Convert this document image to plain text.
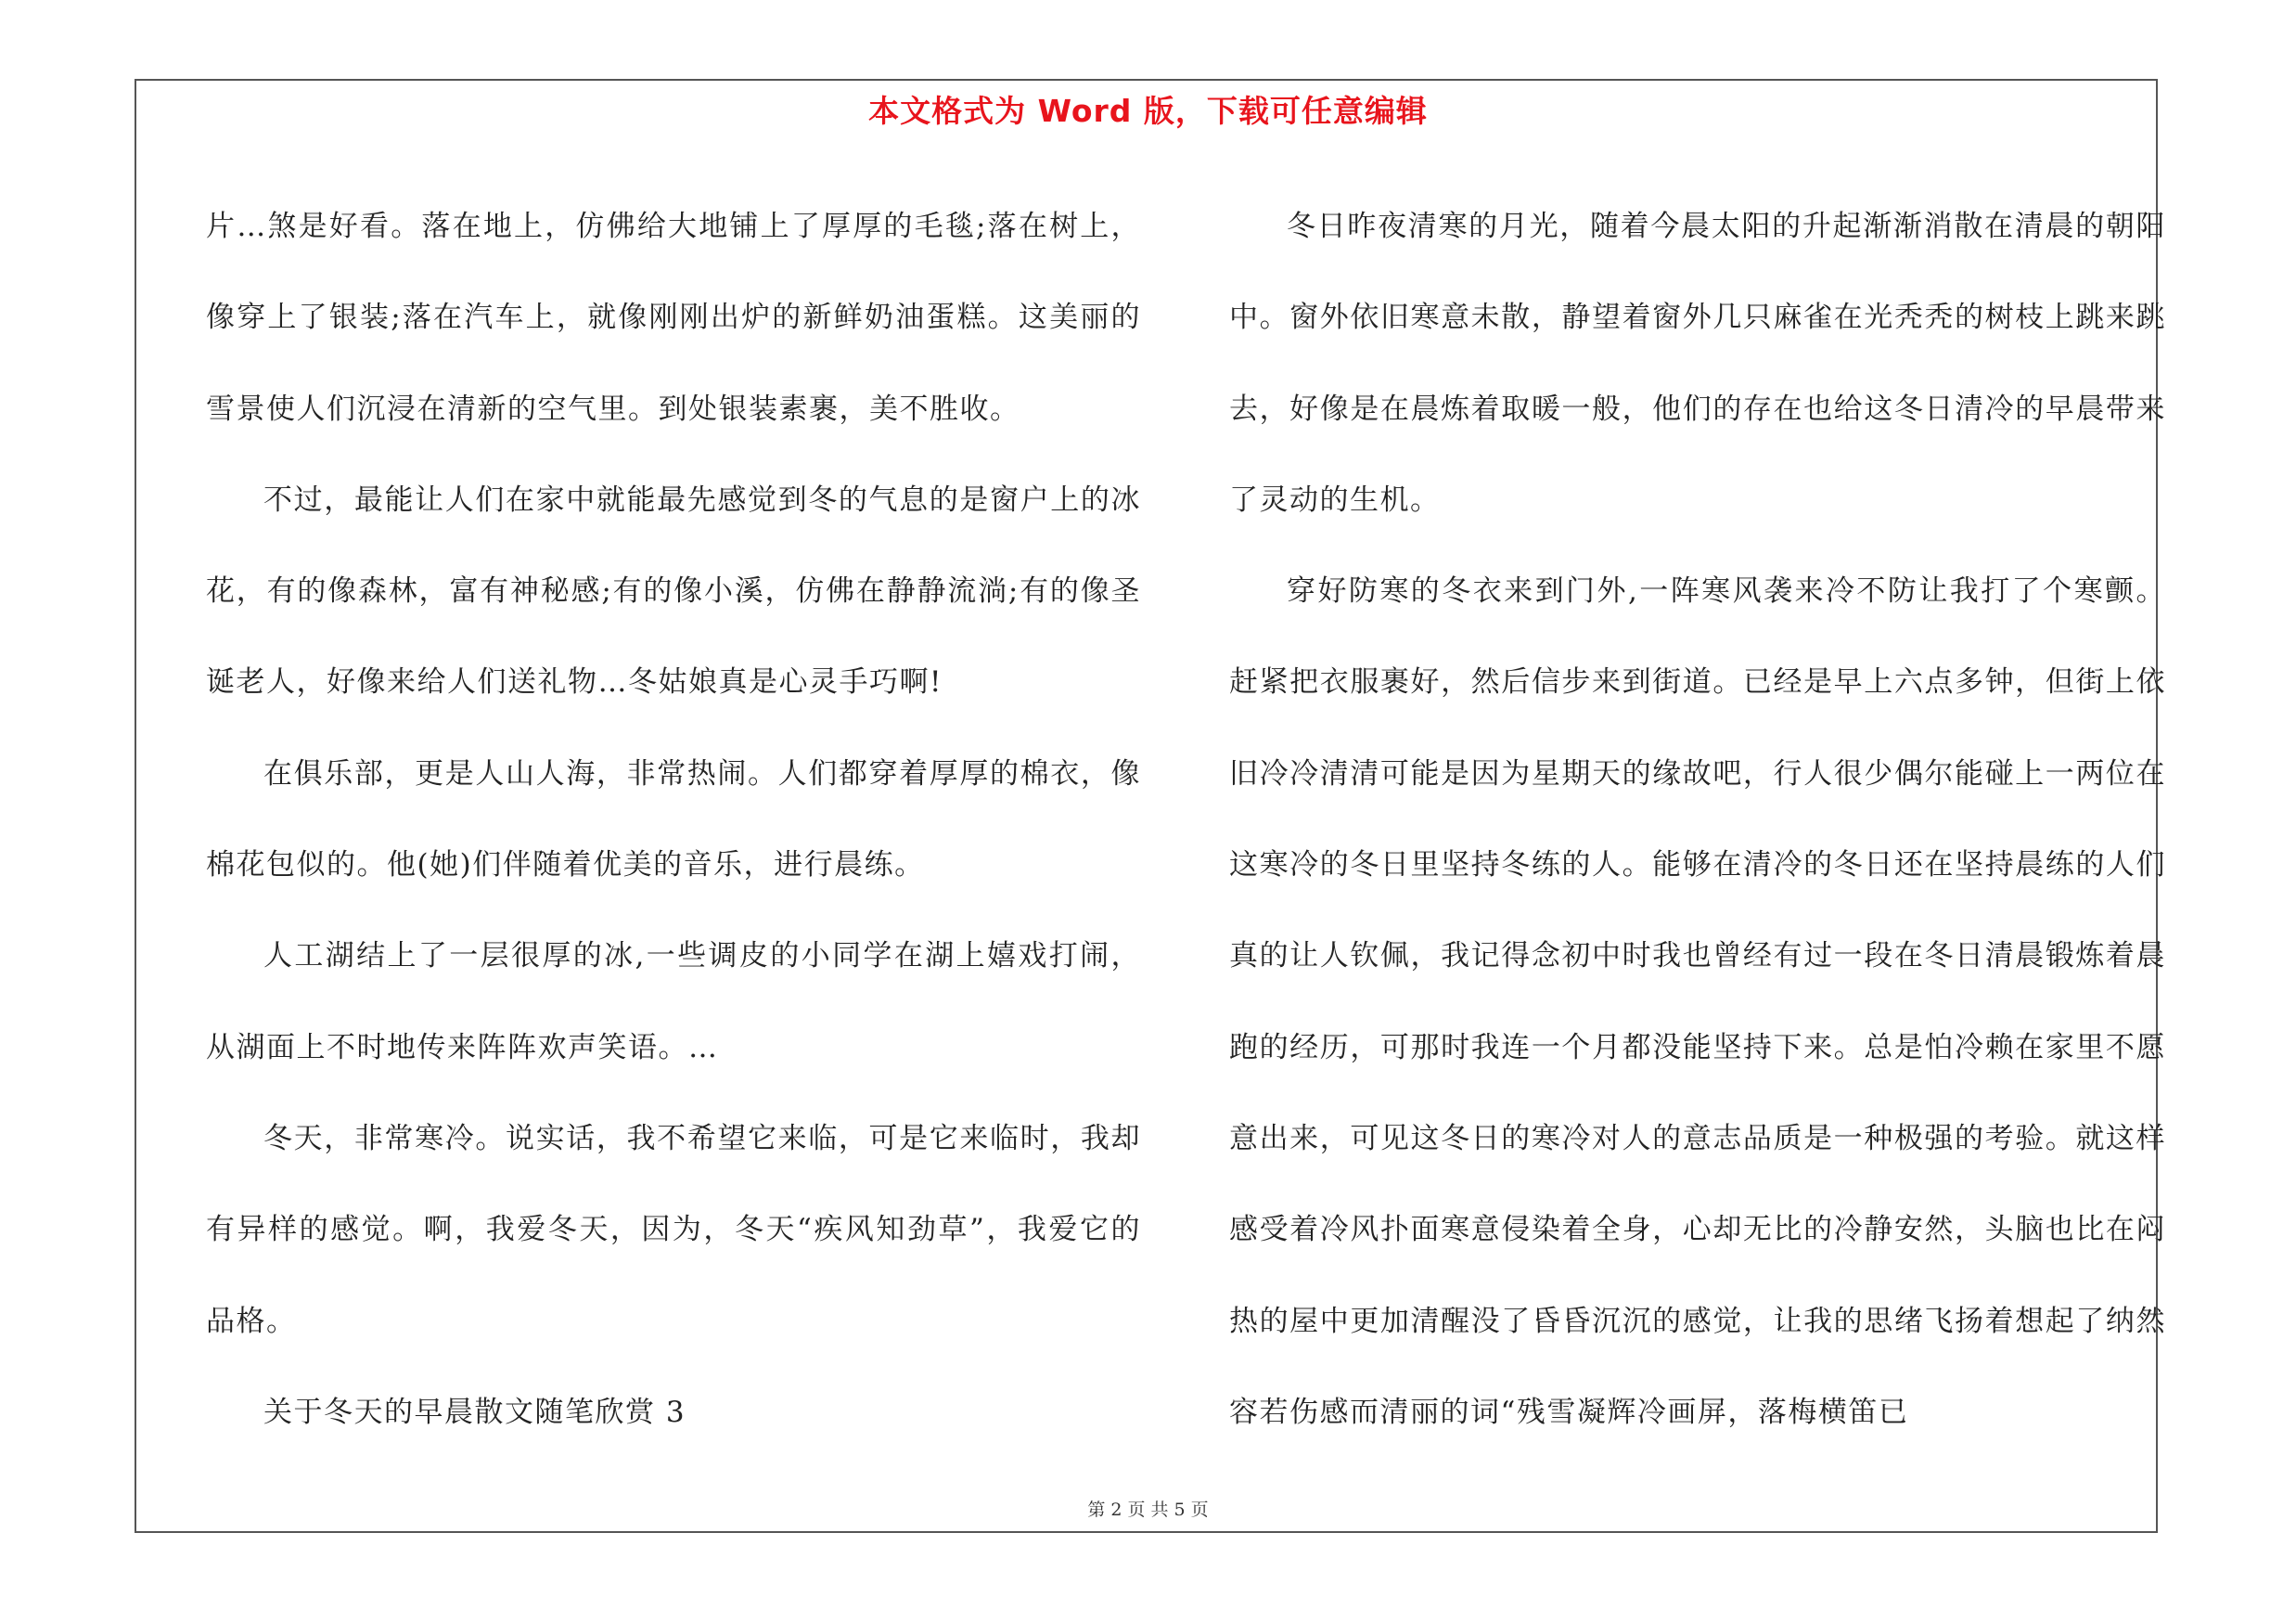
本文格式为 Word 版，下载可任意编辑

片…煞是好看。落在地上，仿佛给大地铺上了厚厚的毛毯;落在树上，像穿上了银装;落在汽车上，就像刚刚出炉的新鲜奶油蛋糕。这美丽的雪景使人们沉浸在清新的空气里。到处银装素裹，美不胜收。

不过，最能让人们在家中就能最先感觉到冬的气息的是窗户上的冰花，有的像森林，富有神秘感;有的像小溪，仿佛在静静流淌;有的像圣诞老人，好像来给人们送礼物…冬姑娘真是心灵手巧啊!

在俱乐部，更是人山人海，非常热闹。人们都穿着厚厚的棉衣，像棉花包似的。他(她)们伴随着优美的音乐，进行晨练。

人工湖结上了一层很厚的冰,一些调皮的小同学在湖上嬉戏打闹，从湖面上不时地传来阵阵欢声笑语。…

冬天，非常寒冷。说实话，我不希望它来临，可是它来临时，我却有异样的感觉。啊，我爱冬天，因为，冬天“疾风知劲草”，我爱它的品格。

关于冬天的早晨散文随笔欣赏 3

冬日昨夜清寒的月光，随着今晨太阳的升起渐渐消散在清晨的朝阳中。窗外依旧寒意未散，静望着窗外几只麻雀在光秃秃的树枝上跳来跳去，好像是在晨炼着取暖一般，他们的存在也给这冬日清冷的早晨带来了灵动的生机。

穿好防寒的冬衣来到门外,一阵寒风袭来冷不防让我打了个寒颤。赶紧把衣服裹好，然后信步来到街道。已经是早上六点多钟，但街上依旧冷冷清清可能是因为星期天的缘故吧，行人很少偶尔能碰上一两位在这寒冷的冬日里坚持冬练的人。能够在清冷的冬日还在坚持晨练的人们真的让人钦佩，我记得念初中时我也曾经有过一段在冬日清晨锻炼着晨跑的经历，可那时我连一个月都没能坚持下来。总是怕冷赖在家里不愿意出来，可见这冬日的寒冷对人的意志品质是一种极强的考验。就这样感受着冷风扑面寒意侵染着全身，心却无比的冷静安然，头脑也比在闷热的屋中更加清醒没了昏昏沉沉的感觉，让我的思绪飞扬着想起了纳然容若伤感而清丽的词“残雪凝辉冷画屏，落梅横笛已

第 2 页 共 5 页
